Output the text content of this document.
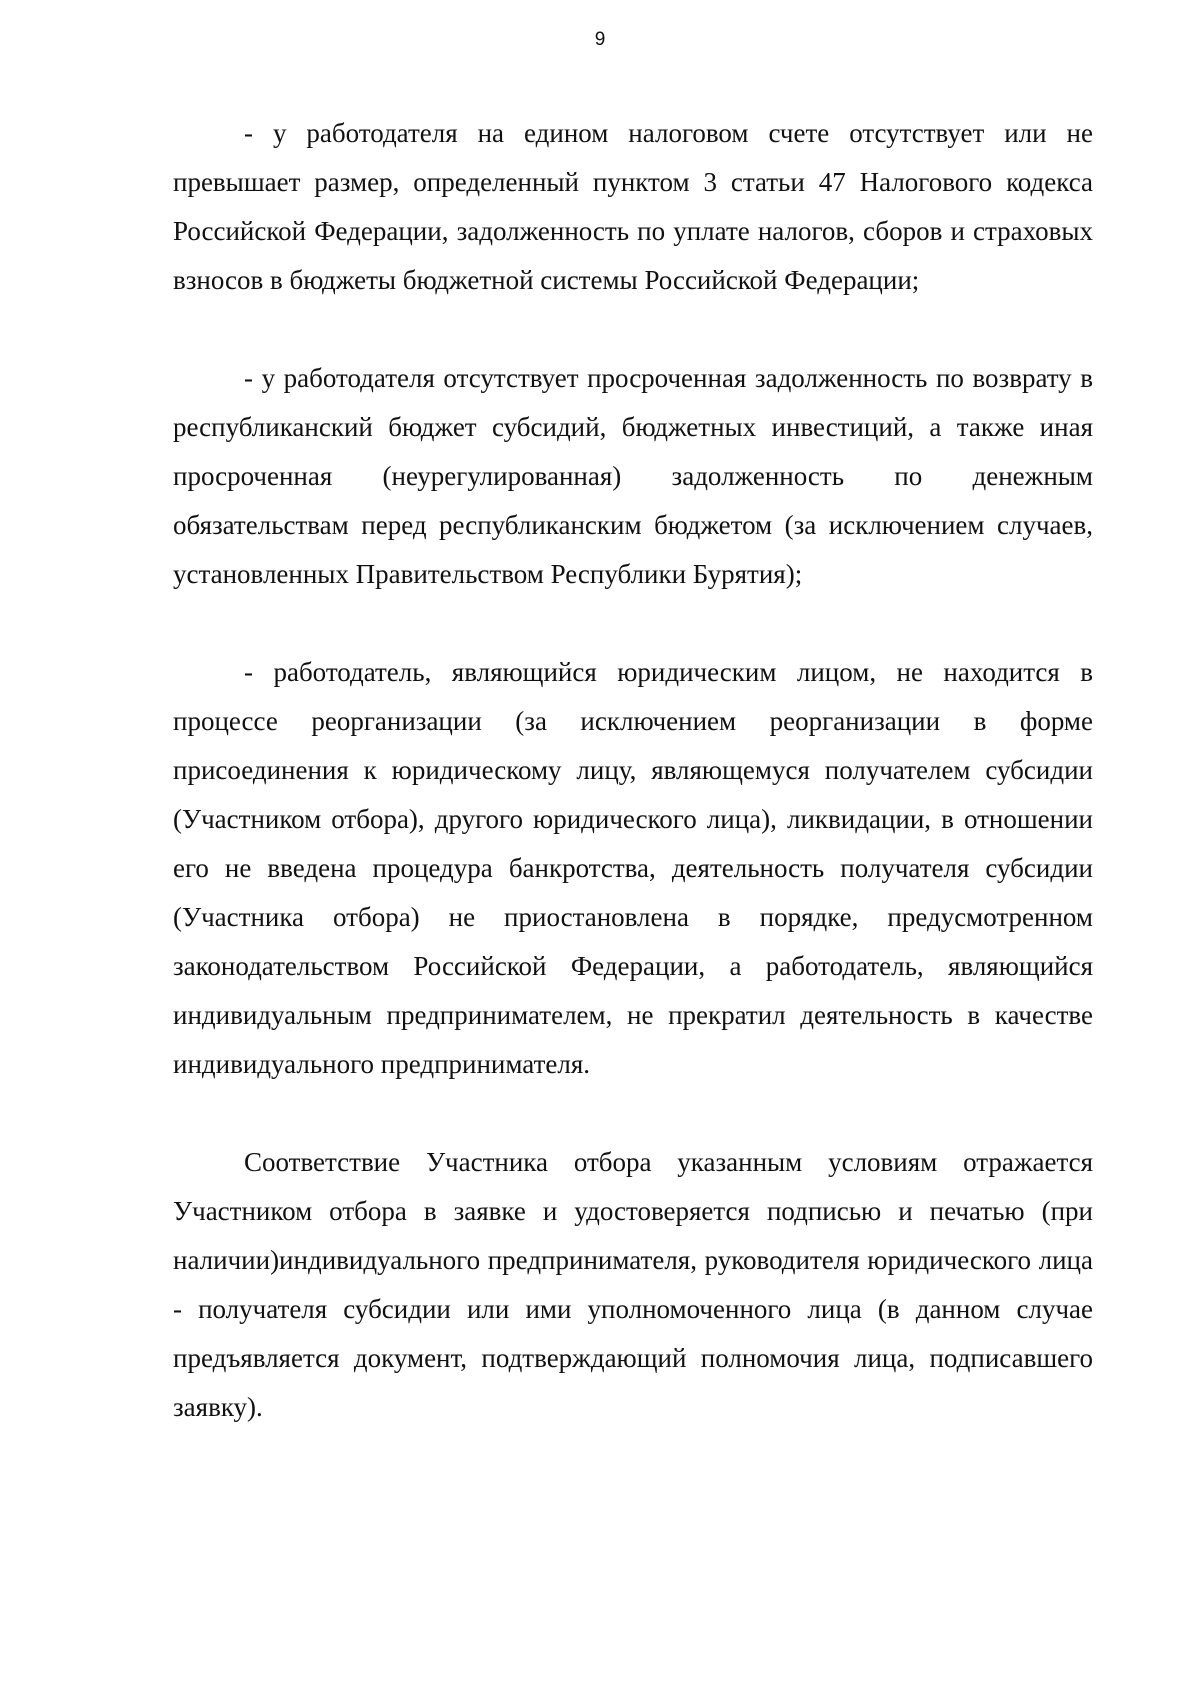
9

- у работодателя на едином налоговом счете отсутствует или не превышает размер, определенный пунктом 3 статьи 47 Налогового кодекса Российской Федерации, задолженность по уплате налогов, сборов и страховых взносов в бюджеты бюджетной системы Российской Федерации;

- у работодателя отсутствует просроченная задолженность по возврату в республиканский бюджет субсидий, бюджетных инвестиций, а также иная просроченная (неурегулированная) задолженность по денежным обязательствам перед республиканским бюджетом (за исключением случаев, установленных Правительством Республики Бурятия);

- работодатель, являющийся юридическим лицом, не находится в процессе реорганизации (за исключением реорганизации в форме присоединения к юридическому лицу, являющемуся получателем субсидии (Участником отбора), другого юридического лица), ликвидации, в отношении его не введена процедура банкротства, деятельность получателя субсидии (Участника отбора) не приостановлена в порядке, предусмотренном законодательством Российской Федерации, а работодатель, являющийся индивидуальным предпринимателем, не прекратил деятельность в качестве индивидуального предпринимателя.

Соответствие Участника отбора указанным условиям отражается Участником отбора в заявке и удостоверяется подписью и печатью (при наличии)индивидуального предпринимателя, руководителя юридического лица - получателя субсидии или ими уполномоченного лица (в данном случае предъявляется документ, подтверждающий полномочия лица, подписавшего заявку).
